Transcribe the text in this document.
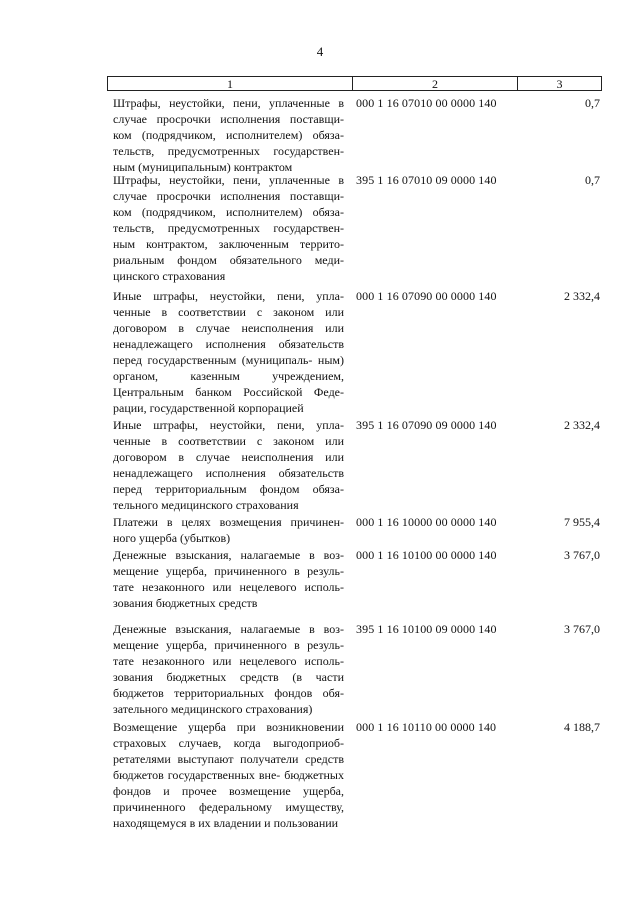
4
1	2	3
Штрафы, неустойки, пени, уплаченные в случае просрочки исполнения поставщи- ком (подрядчиком, исполнителем) обяза- тельств, предусмотренных государствен- ным (муниципальным) контрактом
000 1 16 07010 00 0000 140	0,7
Штрафы, неустойки, пени, уплаченные в случае просрочки исполнения поставщи- ком (подрядчиком, исполнителем) обяза- тельств, предусмотренных государствен- ным контрактом, заключенным террито- риальным фондом обязательного меди- цинского страхования
395 1 16 07010 09 0000 140	0,7
Иные штрафы, неустойки, пени, упла- ченные в соответствии с законом или договором в случае неисполнения или ненадлежащего исполнения обязательств перед государственным (муниципаль- ным) органом, казенным учреждением, Центральным банком Российской Феде- рации, государственной корпорацией
000 1 16 07090 00 0000 140	2 332,4
Иные штрафы, неустойки, пени, упла- ченные в соответствии с законом или договором в случае неисполнения или ненадлежащего исполнения обязательств перед территориальным фондом обязa- тельного медицинского страхования
395 1 16 07090 09 0000 140	2 332,4
Платежи в целях возмещения причинен- ного ущерба (убытков)
000 1 16 10000 00 0000 140	7 955,4
Денежные взыскания, налагаемые в воз- мещение ущерба, причиненного в резуль- тате незаконного или нецелевого исполь- зования бюджетных средств
000 1 16 10100 00 0000 140	3 767,0
Денежные взыскания, налагаемые в воз- мещение ущерба, причиненного в резуль- тате незаконного или нецелевого исполь- зования бюджетных средств (в части бюджетов территориальных фондов обя- зательного медицинского страхования)
395 1 16 10100 09 0000 140	3 767,0
Возмещение ущерба при возникновении страховых случаев, когда выгодоприоб- ретателями выступают получатели средств бюджетов государственных вне- бюджетных фондов и прочее возмещение ущерба, причиненного федеральному имуществу, находящемуся в их владении и пользовании
000 1 16 10110 00 0000 140	4 188,7
